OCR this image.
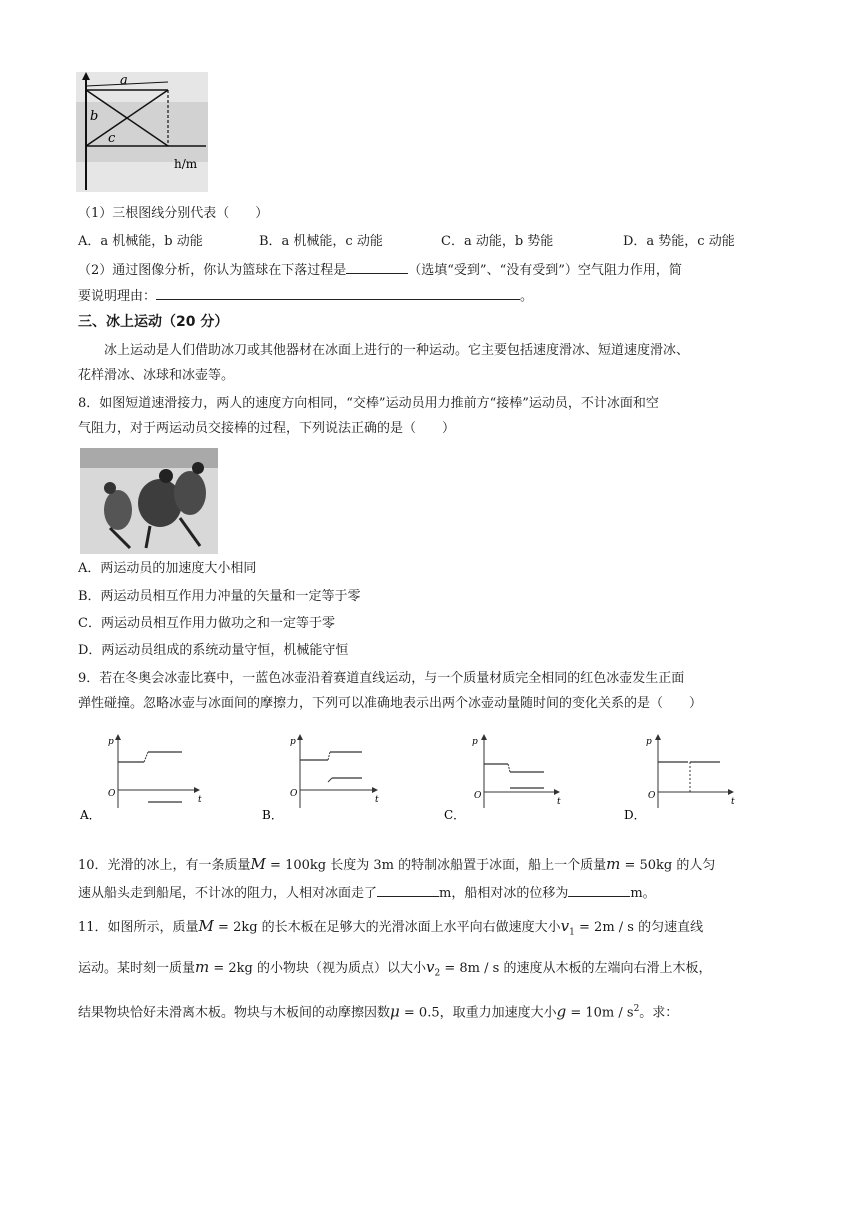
a
b
c
h/m
（1）三根图线分别代表（　　）
A．a 机械能，b 动能	B．a 机械能，c 动能	C．a 动能，b 势能	D．a 势能，c 动能
（2）通过图像分析，你认为篮球在下落过程是	（选填“受到”、“没有受到”）空气阻力作用，简
要说明理由：	。
三、冰上运动（20 分）
冰上运动是人们借助冰刀或其他器材在冰面上进行的一种运动。它主要包括速度滑冰、短道速度滑冰、
花样滑冰、冰球和冰壶等。
8．如图短道速滑接力，两人的速度方向相同，“交棒”运动员用力推前方“接棒”运动员，不计冰面和空
气阻力，对于两运动员交接棒的过程，下列说法正确的是（　　）
A．两运动员的加速度大小相同
B．两运动员相互作用力冲量的矢量和一定等于零
C．两运动员相互作用力做功之和一定等于零
D．两运动员组成的系统动量守恒，机械能守恒
9．若在冬奥会冰壶比赛中，一蓝色冰壶沿着赛道直线运动，与一个质量材质完全相同的红色冰壶发生正面
弹性碰撞。忽略冰壶与冰面间的摩擦力，下列可以准确地表示出两个冰壶动量随时间的变化关系的是（　　）
p
t
O
A．
p
t
O
B．
p
t
O
C．
p
t
O
D．
10．光滑的冰上，有一条质量M = 100kg 长度为 3m 的特制冰船置于冰面，船上一个质量m = 50kg 的人匀
速从船头走到船尾，不计冰的阻力，人相对冰面走了	m，船相对冰的位移为	m。
11．如图所示，质量M = 2kg 的长木板在足够大的光滑冰面上水平向右做速度大小$v_1 = 2m / s$ 的匀速直线
运动。某时刻一质量m = 2kg 的小物块（视为质点）以大小$v_2 = 8m / s$ 的速度从木板的左端向右滑上木板，
结果物块恰好未滑离木板。物块与木板间的动摩擦因数μ = 0.5，取重力加速度大小$g = 10m / s^2$。求：
